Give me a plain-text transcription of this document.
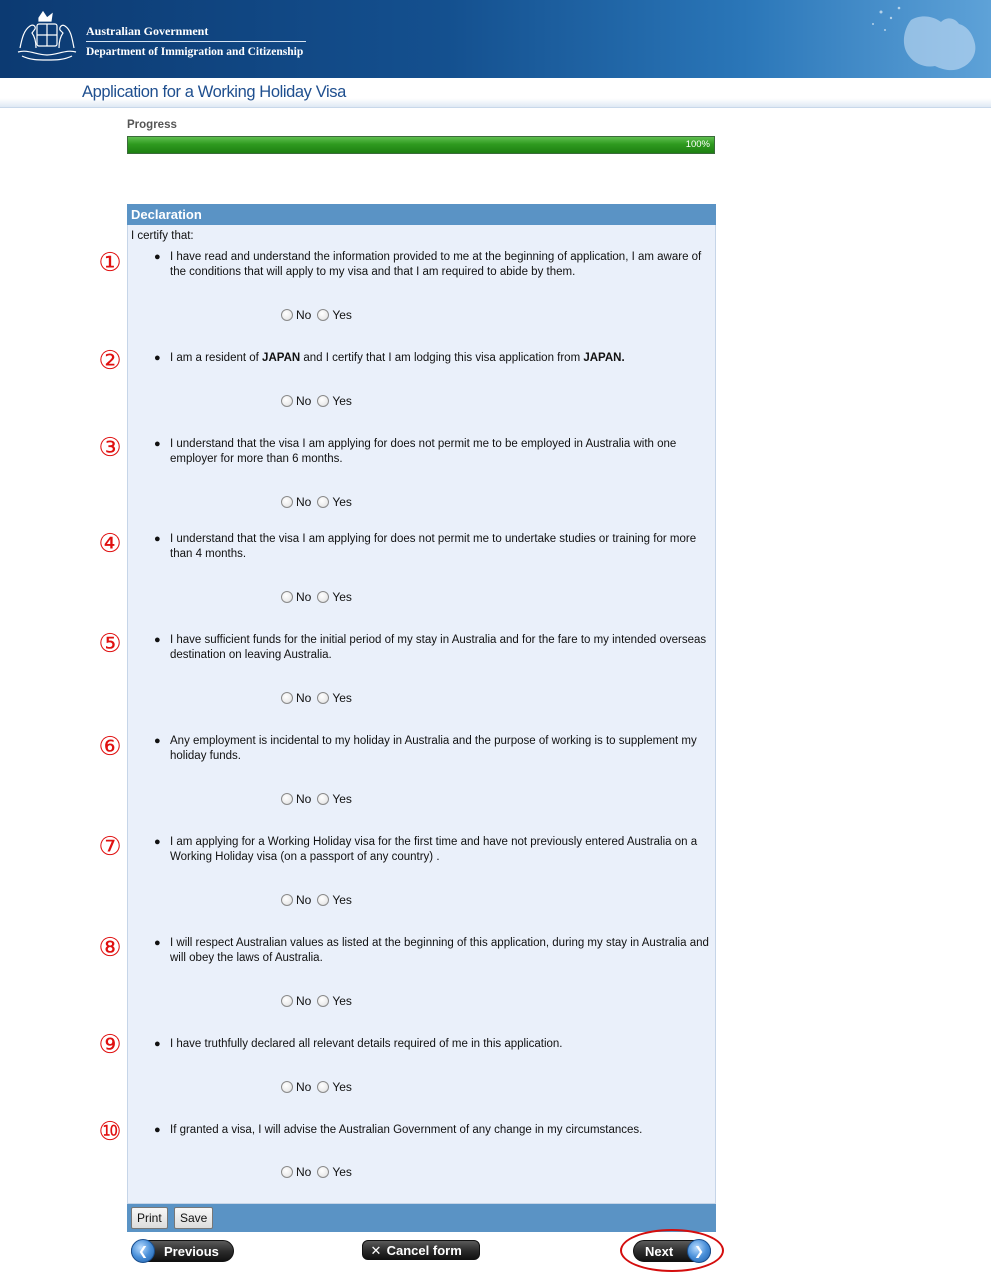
Australian Government
Department of Immigration and Citizenship
Application for a Working Holiday Visa
Progress
100%
Declaration
I certify that:
①	● I have read and understand the information provided to me at the beginning of application, I am aware of the conditions that will apply to my visa and that I am required to abide by them.
No Yes
②	● I am a resident of JAPAN and I certify that I am lodging this visa application from JAPAN.
No Yes
③	● I understand that the visa I am applying for does not permit me to be employed in Australia with one employer for more than 6 months.
No Yes
④	● I understand that the visa I am applying for does not permit me to undertake studies or training for more than 4 months.
No Yes
⑤	● I have sufficient funds for the initial period of my stay in Australia and for the fare to my intended overseas destination on leaving Australia.
No Yes
⑥	● Any employment is incidental to my holiday in Australia and the purpose of working is to supplement my holiday funds.
No Yes
⑦	● I am applying for a Working Holiday visa for the first time and have not previously entered Australia on a Working Holiday visa (on a passport of any country) .
No Yes
⑧	● I will respect Australian values as listed at the beginning of this application, during my stay in Australia and will obey the laws of Australia.
No Yes
⑨	● I have truthfully declared all relevant details required of me in this application.
No Yes
⑩	● If granted a visa, I will advise the Australian Government of any change in my circumstances.
No Yes
Print	Save
❮	Previous	✕ Cancel form	Next	❯
